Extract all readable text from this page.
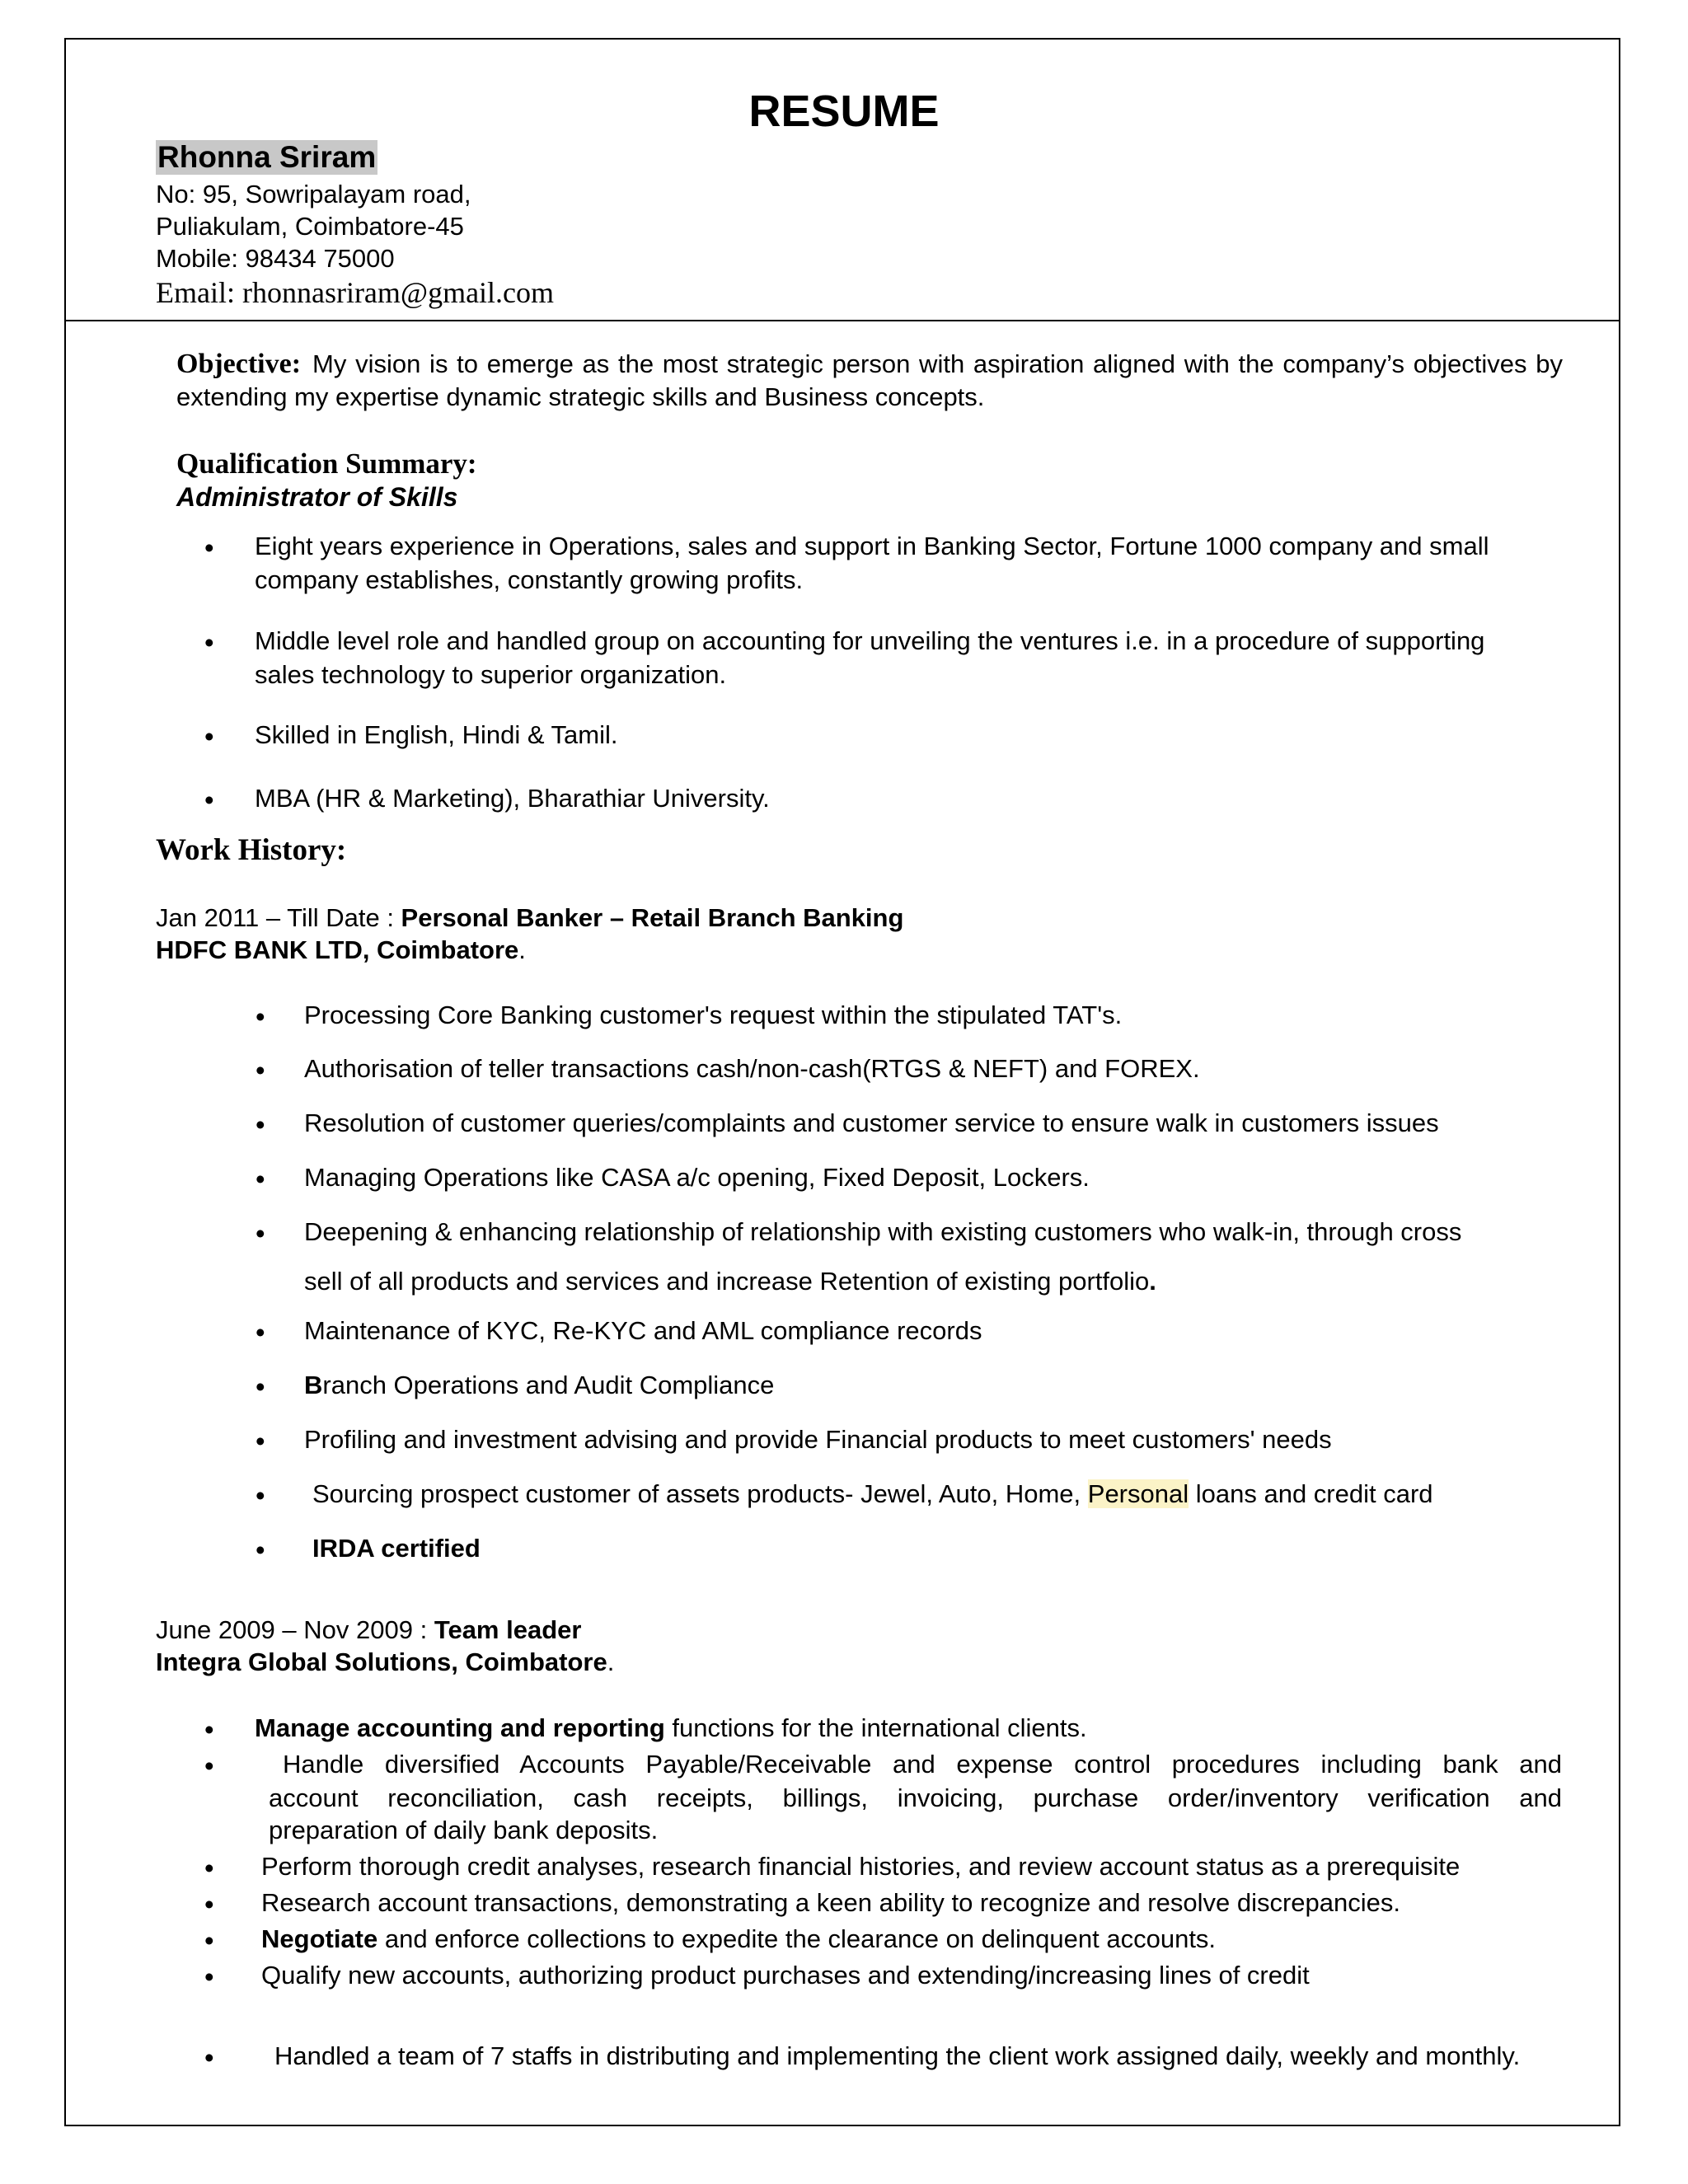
RESUME
Rhonna Sriram
No: 95, Sowripalayam road,
Puliakulam, Coimbatore-45
Mobile: 98434 75000
Email: rhonnasriram@gmail.com
Objective: My vision is to emerge as the most strategic person with aspiration aligned with the company’s objectives by extending my expertise dynamic strategic skills and Business concepts.
Qualification Summary:
Administrator of Skills
• Eight years experience in Operations, sales and support in Banking Sector, Fortune 1000 company and small company establishes, constantly growing profits.
• Middle level role and handled group on accounting for unveiling the ventures i.e. in a procedure of supporting sales technology to superior organization.
• Skilled in English, Hindi & Tamil.
• MBA (HR & Marketing), Bharathiar University.
Work History:
Jan 2011 – Till Date : Personal Banker – Retail Branch Banking
HDFC BANK LTD, Coimbatore.
• Processing Core Banking customer's request within the stipulated TAT's.
• Authorisation of teller transactions cash/non-cash(RTGS & NEFT) and FOREX.
• Resolution of customer queries/complaints and customer service to ensure walk in customers issues
• Managing Operations like CASA a/c opening, Fixed Deposit, Lockers.
• Deepening & enhancing relationship of relationship with existing customers who walk-in, through cross
sell of all products and services and increase Retention of existing portfolio.
• Maintenance of KYC, Re-KYC and AML compliance records
• Branch Operations and Audit Compliance
• Profiling and investment advising and provide Financial products to meet customers' needs
• Sourcing prospect customer of assets products- Jewel, Auto, Home, Personal loans and credit card
• IRDA certified
June 2009 – Nov 2009 : Team leader
Integra Global Solutions, Coimbatore.
• Manage accounting and reporting functions for the international clients.
•	Handle diversified Accounts Payable/Receivable and expense control procedures including bank and
account reconciliation, cash receipts, billings, invoicing, purchase order/inventory verification and
preparation of daily bank deposits.
• Perform thorough credit analyses, research financial histories, and review account status as a prerequisite
• Research account transactions, demonstrating a keen ability to recognize and resolve discrepancies.
• Negotiate and enforce collections to expedite the clearance on delinquent accounts.
• Qualify new accounts, authorizing product purchases and extending/increasing lines of credit
•	Handled a team of 7 staffs in distributing and implementing the client work assigned daily, weekly and monthly.
